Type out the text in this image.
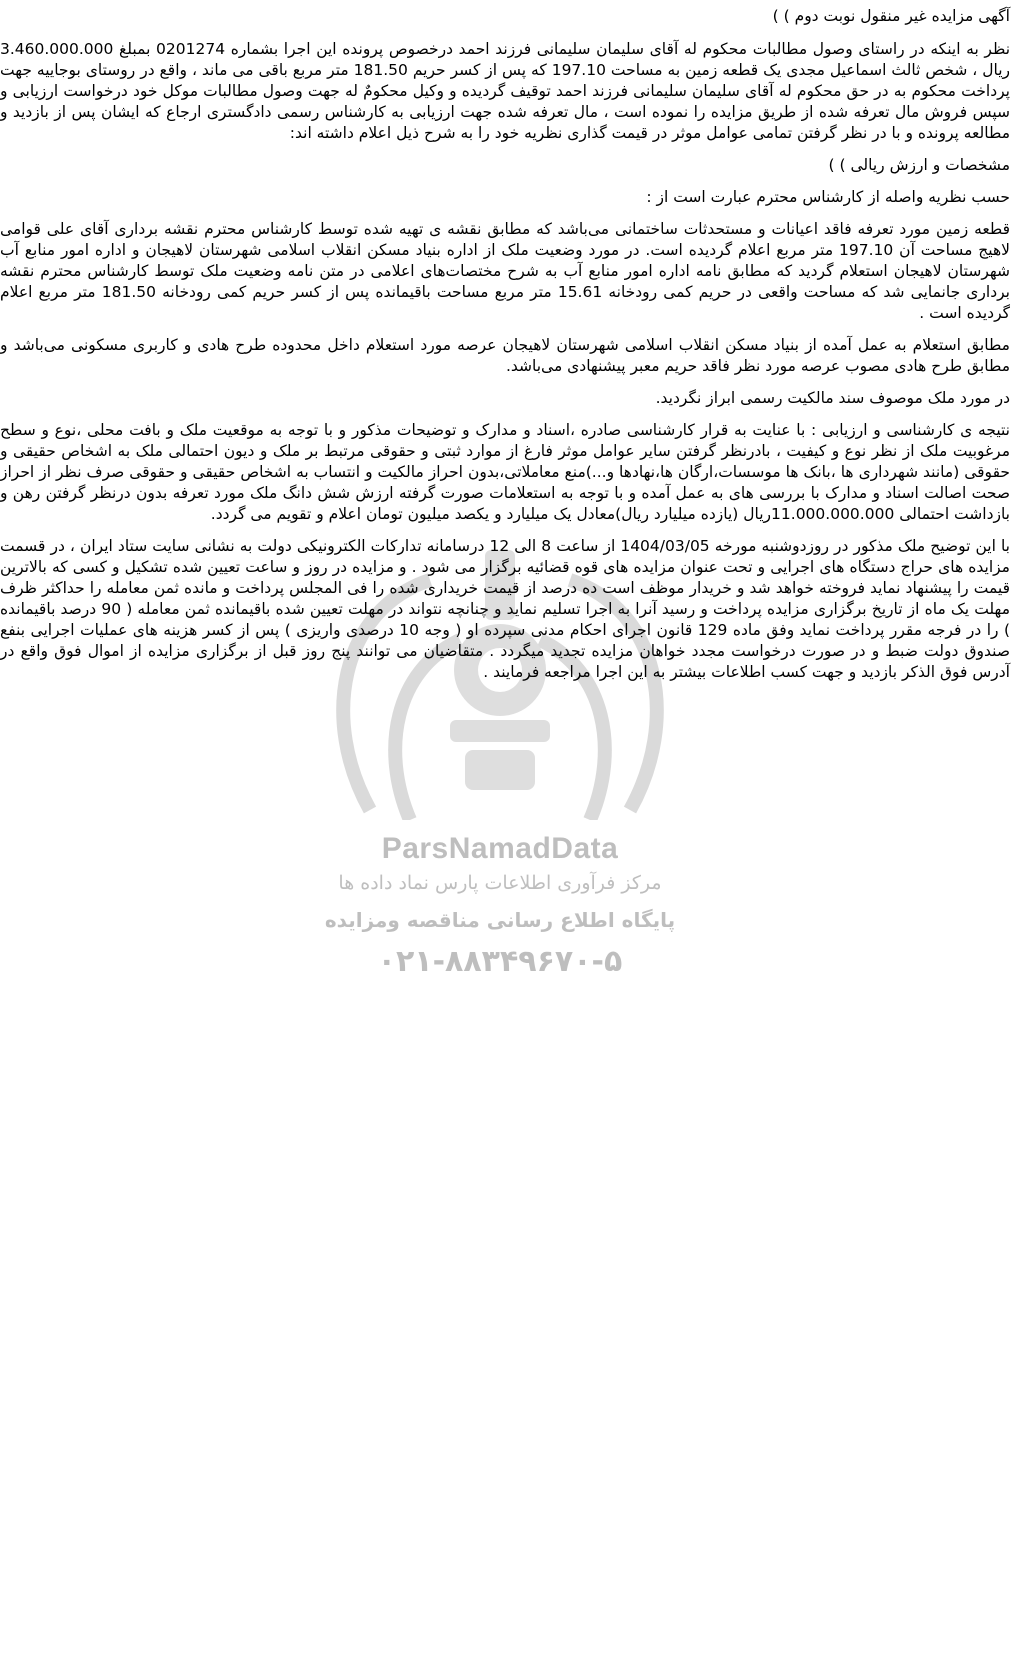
ParsNamadData
مرکز فرآوری اطلاعات پارس نماد داده ها
پایگاه اطلاع رسانی مناقصه ومزایده
۰۲۱-۸۸۳۴۹۶۷۰-۵

آگهی مزایده غیر منقول نوبت دوم ) )

نظر به اینکه در راستای وصول مطالبات محکوم له آقای سلیمان سلیمانی فرزند احمد درخصوص پرونده این اجرا بشماره 0201274 بمبلغ 3.460.000.000 ریال ، شخص ثالث اسماعیل مجدی یک قطعه زمین به مساحت 197.10 که پس از کسر حریم 181.50 متر مربع باقی می ماند ، واقع در روستای بوجاییه جهت پرداخت محکوم به در حق محکوم له آقای سلیمان سلیمانی فرزند احمد توقیف گردیده و وکیل محکومٌ له جهت وصول مطالبات موکل خود درخواست ارزیابی و سپس فروش مال تعرفه شده از طریق مزایده را نموده است ، مال تعرفه شده جهت ارزیابی به کارشناس رسمی دادگستری ارجاع که ایشان پس از بازدید و مطالعه پرونده و با در نظر گرفتن تمامی عوامل موثر در قیمت گذاری نظریه خود را به شرح ذیل اعلام داشته اند:

مشخصات و ارزش ریالی ) )

حسب نظریه واصله از کارشناس محترم عبارت است از :

قطعه زمین مورد تعرفه فاقد اعیانات و مستحدثات ساختمانی می‌باشد که مطابق نقشه ی تهیه شده توسط کارشناس محترم نقشه برداری آقای علی قوامی لاهیج مساحت آن 197.10 متر مربع اعلام گردیده است. در مورد وضعیت ملک از اداره بنیاد مسکن انقلاب اسلامی شهرستان لاهیجان و اداره امور منابع آب شهرستان لاهیجان استعلام گردید که مطابق نامه اداره امور منابع آب به شرح مختصات‌های اعلامی در متن نامه وضعیت ملک توسط کارشناس محترم نقشه برداری جانمایی شد که مساحت واقعی در حریم کمی رودخانه 15.61 متر مربع مساحت باقیمانده پس از کسر حریم کمی رودخانه 181.50 متر مربع اعلام گردیده است .

مطابق استعلام به عمل آمده از بنیاد مسکن انقلاب اسلامی شهرستان لاهیجان عرصه مورد استعلام داخل محدوده طرح هادی و کاربری مسکونی می‌باشد و مطابق طرح هادی مصوب عرصه مورد نظر فاقد حریم معبر پیشنهادی می‌باشد.

در مورد ملک موصوف سند مالکیت رسمی ابراز نگردید.

نتیجه ی کارشناسی و ارزیابی : با عنایت به قرار کارشناسی صادره ،اسناد و مدارک و توضیحات مذکور و با توجه به موقعیت ملک و بافت محلی ،نوع و سطح مرغوبیت ملک از نظر نوع و کیفیت ، بادرنظر گرفتن سایر عوامل موثر فارغ از موارد ثبتی و حقوقی مرتبط بر ملک و دیون احتمالی ملک به اشخاص حقیقی و حقوقی (مانند شهرداری ها ،بانک ها موسسات،ارگان ها،نهادها و...)منع معاملاتی،بدون احراز مالکیت و انتساب به اشخاص حقیقی و حقوقی صرف نظر از احراز صحت اصالت اسناد و مدارک با بررسی های به عمل آمده و با توجه به استعلامات صورت گرفته ارزش شش دانگ ملک مورد تعرفه بدون درنظر گرفتن رهن و بازداشت احتمالی 11.000.000.000ریال (یازده میلیارد ریال)معادل یک میلیارد و یکصد میلیون تومان اعلام و تقویم می گردد.

با این توضیح ملک مذکور در روزدوشنبه مورخه 1404/03/05 از ساعت 8 الی 12 درسامانه تدارکات الکترونیکی دولت به نشانی سایت ستاد ایران ، در قسمت مزایده های حراج دستگاه های اجرایی و تحت عنوان مزایده های قوه قضائیه برگزار می شود . و مزایده در روز و ساعت تعیین شده تشکیل و کسی که بالاترین قیمت را پیشنهاد نماید فروخته خواهد شد و خریدار موظف است ده درصد از قیمت خریداری شده را فی المجلس پرداخت و مانده ثمن معامله را حداکثر ظرف مهلت یک ماه از تاریخ برگزاری مزایده پرداخت و رسید آنرا به اجرا تسلیم نماید و چنانچه نتواند در مهلت تعیین شده باقیمانده ثمن معامله ( 90 درصد باقیمانده ) را در فرجه مقرر پرداخت نماید وفق ماده 129 قانون اجرای احکام مدنی سپرده او ( وجه 10 درصدی واریزی ) پس از کسر هزینه های عملیات اجرایی بنفع صندوق دولت ضبط و در صورت درخواست مجدد خواهان مزایده تجدید میگردد . متقاضیان می توانند پنج روز قبل از برگزاری مزایده از اموال فوق واقع در آدرس فوق الذکر بازدید و جهت کسب اطلاعات بیشتر به این اجرا مراجعه فرمایند .
